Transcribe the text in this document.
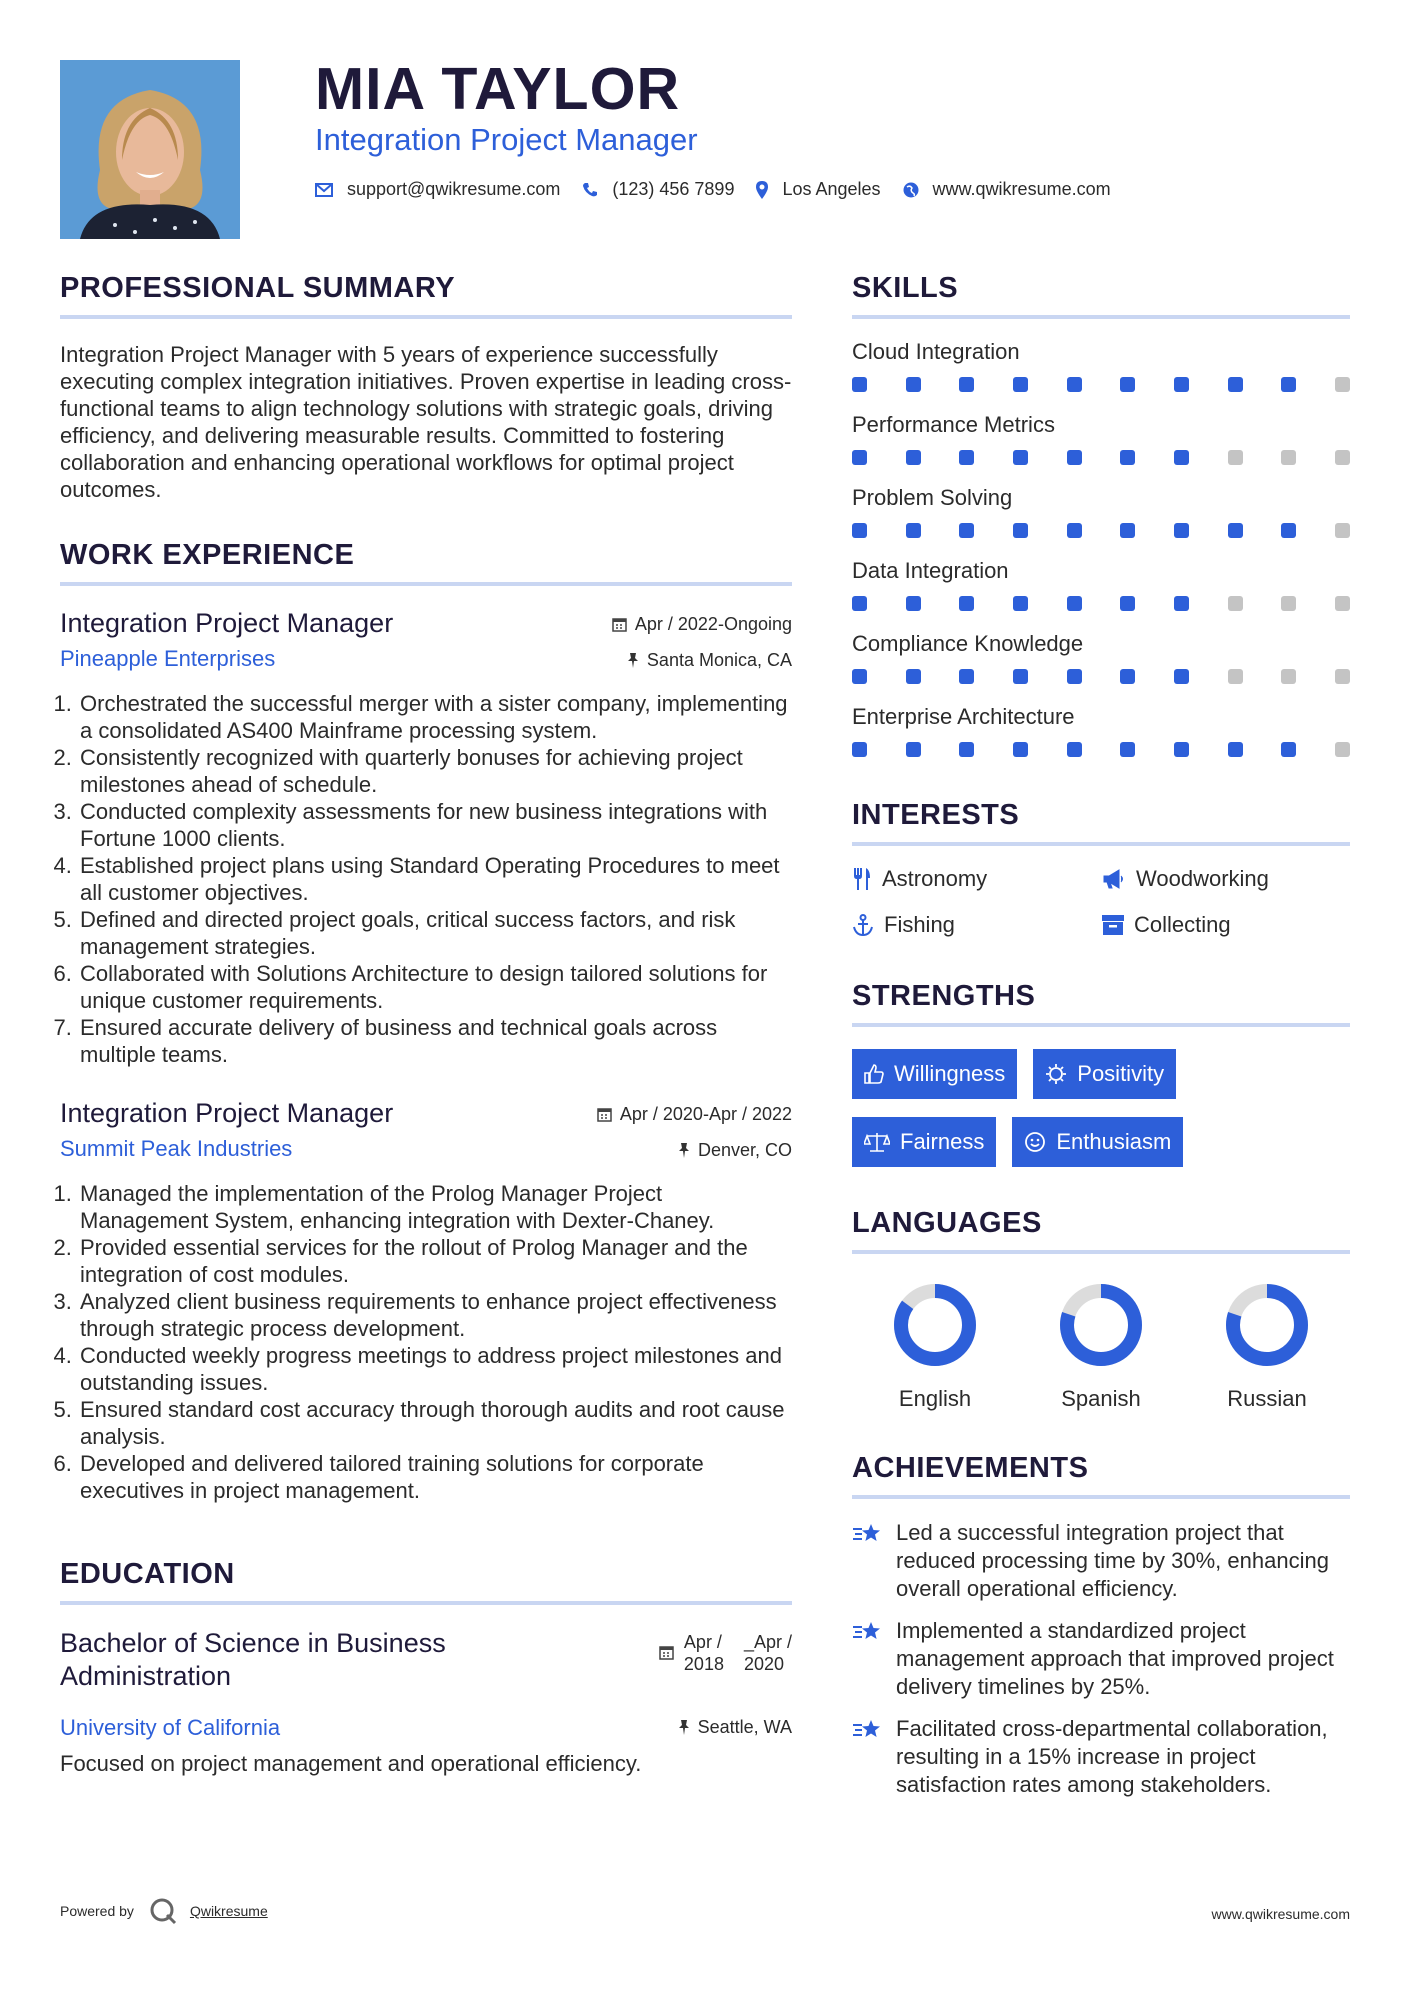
MIA TAYLOR
Integration Project Manager
support@qwikresume.com	(123) 456 7899	Los Angeles	www.qwikresume.com
PROFESSIONAL SUMMARY
Integration Project Manager with 5 years of experience successfully executing complex integration initiatives. Proven expertise in leading cross-functional teams to align technology solutions with strategic goals, driving efficiency, and delivering measurable results. Committed to fostering collaboration and enhancing operational workflows for optimal project outcomes.
WORK EXPERIENCE
Integration Project Manager
Pineapple Enterprises
Apr / 2022-Ongoing
Santa Monica, CA
1. Orchestrated the successful merger with a sister company, implementing a consolidated AS400 Mainframe processing system.
2. Consistently recognized with quarterly bonuses for achieving project milestones ahead of schedule.
3. Conducted complexity assessments for new business integrations with Fortune 1000 clients.
4. Established project plans using Standard Operating Procedures to meet all customer objectives.
5. Defined and directed project goals, critical success factors, and risk management strategies.
6. Collaborated with Solutions Architecture to design tailored solutions for unique customer requirements.
7. Ensured accurate delivery of business and technical goals across multiple teams.
Integration Project Manager
Summit Peak Industries
Apr / 2020-Apr / 2022
Denver, CO
1. Managed the implementation of the Prolog Manager Project Management System, enhancing integration with Dexter-Chaney.
2. Provided essential services for the rollout of Prolog Manager and the integration of cost modules.
3. Analyzed client business requirements to enhance project effectiveness through strategic process development.
4. Conducted weekly progress meetings to address project milestones and outstanding issues.
5. Ensured standard cost accuracy through thorough audits and root cause analysis.
6. Developed and delivered tailored training solutions for corporate executives in project management.
EDUCATION
Bachelor of Science in Business Administration
Apr /
2018
_Apr /
2020
University of California	Seattle, WA
Focused on project management and operational efficiency.
SKILLS
Cloud Integration
Performance Metrics
Problem Solving
Data Integration
Compliance Knowledge
Enterprise Architecture
INTERESTS
Astronomy	Woodworking
Fishing	Collecting
STRENGTHS
Willingness	Positivity
Fairness	Enthusiasm
LANGUAGES
English	Spanish	Russian
ACHIEVEMENTS
Led a successful integration project that reduced processing time by 30%, enhancing overall operational efficiency.
Implemented a standardized project management approach that improved project delivery timelines by 25%.
Facilitated cross-departmental collaboration, resulting in a 15% increase in project satisfaction rates among stakeholders.
Powered by	Qwikresume	www.qwikresume.com
